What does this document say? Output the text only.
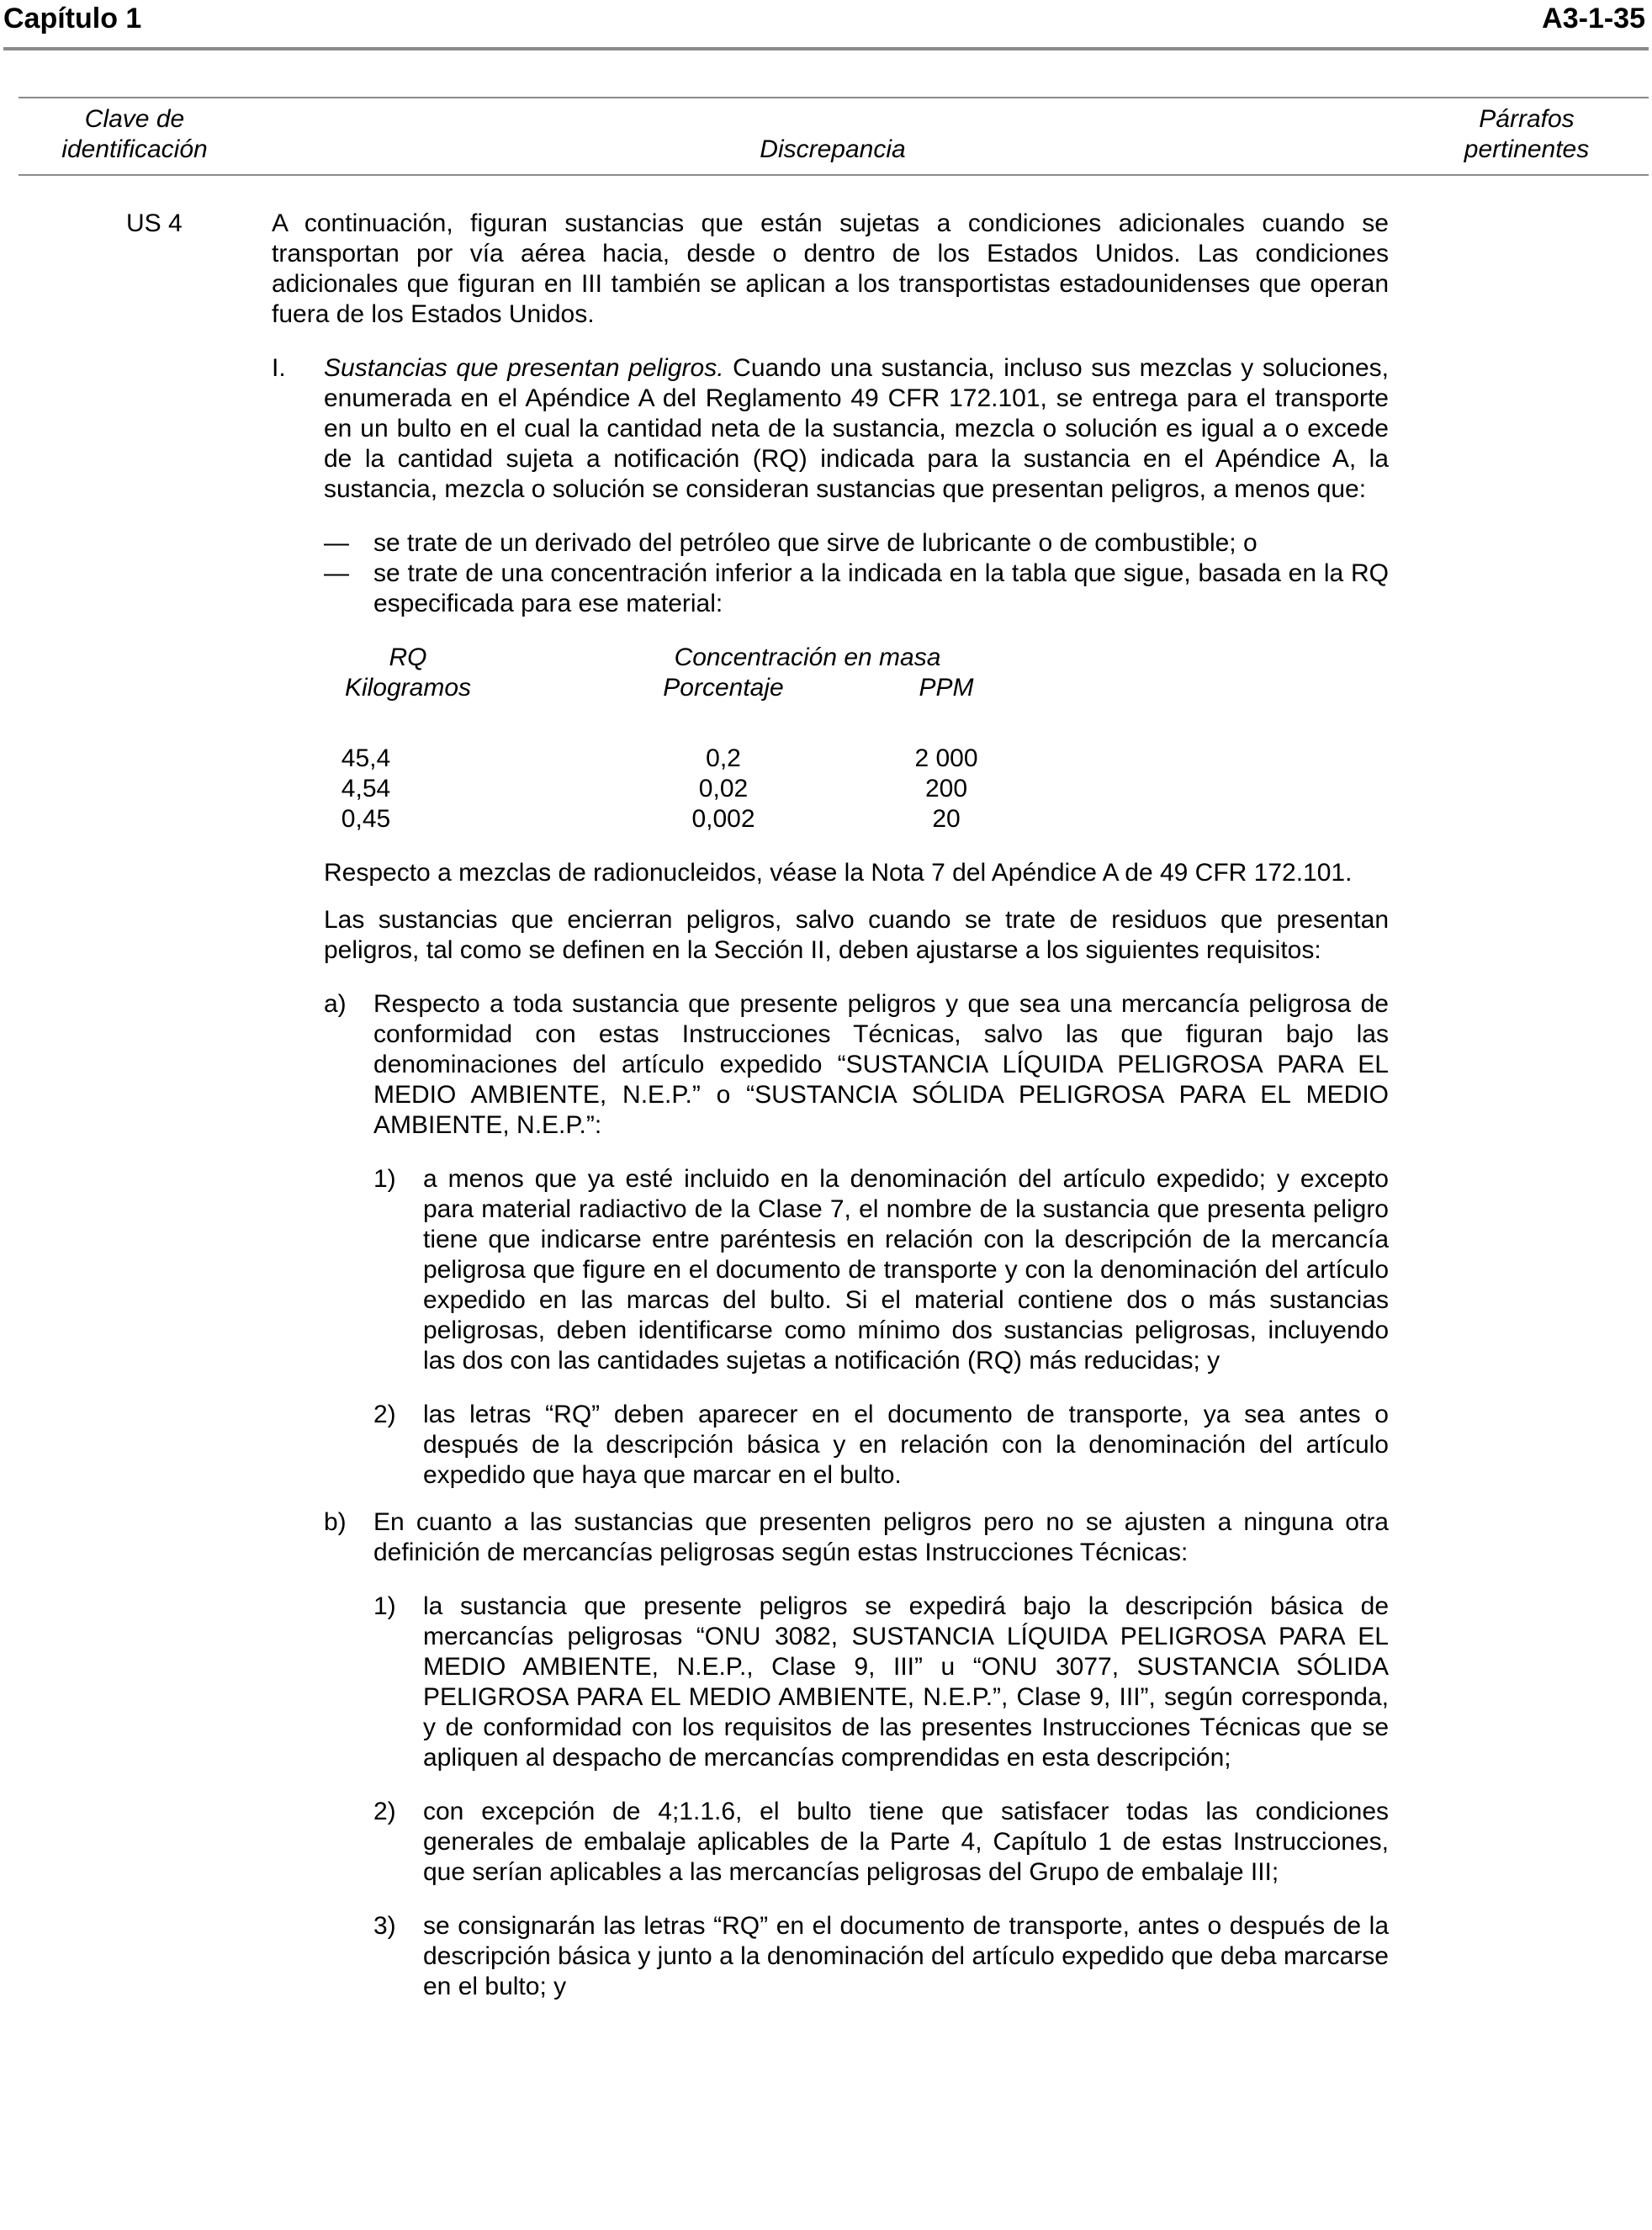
Capítulo 1	A3-1-35
Clave de
identificación	Discrepancia
Párrafos
pertinentes
US 4	A continuación, figuran sustancias que están sujetas a condiciones adicionales cuando se transportan por vía aérea hacia, desde o dentro de los Estados Unidos. Las condiciones adicionales que figuran en III también se aplican a los transportistas estadounidenses que operan fuera de los Estados Unidos.

I.	Sustancias que presentan peligros. Cuando una sustancia, incluso sus mezclas y soluciones, enumerada en el Apéndice A del Reglamento 49 CFR 172.101, se entrega para el transporte en un bulto en el cual la cantidad neta de la sustancia, mezcla o solución es igual a o excede de la cantidad sujeta a notificación (RQ) indicada para la sustancia en el Apéndice A, la sustancia, mezcla o solución se consideran sustancias que presentan peligros, a menos que:
— se trate de un derivado del petróleo que sirve de lubricante o de combustible; o
— se trate de una concentración inferior a la indicada en la tabla que sigue, basada en la RQ especificada para ese material:
RQ	Concentración en masa
Kilogramos	Porcentaje	PPM
45,4	0,2	2 000
4,54	0,02	200
0,45	0,002	20

Respecto a mezclas de radionucleidos, véase la Nota 7 del Apéndice A de 49 CFR 172.101.

Las sustancias que encierran peligros, salvo cuando se trate de residuos que presentan peligros, tal como se definen en la Sección II, deben ajustarse a los siguientes requisitos:

a)	Respecto a toda sustancia que presente peligros y que sea una mercancía peligrosa de conformidad con estas Instrucciones Técnicas, salvo las que figuran bajo las denominaciones del artículo expedido “SUSTANCIA LÍQUIDA PELIGROSA PARA EL MEDIO AMBIENTE, N.E.P.” o “SUSTANCIA SÓLIDA PELIGROSA PARA EL MEDIO AMBIENTE, N.E.P.”:
1)	a menos que ya esté incluido en la denominación del artículo expedido; y excepto para material radiactivo de la Clase 7, el nombre de la sustancia que presenta peligro tiene que indicarse entre paréntesis en relación con la descripción de la mercancía peligrosa que figure en el documento de transporte y con la denominación del artículo expedido en las marcas del bulto. Si el material contiene dos o más sustancias peligrosas, deben identificarse como mínimo dos sustancias peligrosas, incluyendo las dos con las cantidades sujetas a notificación (RQ) más reducidas; y
2)	las letras “RQ” deben aparecer en el documento de transporte, ya sea antes o después de la descripción básica y en relación con la denominación del artículo expedido que haya que marcar en el bulto.
b)	En cuanto a las sustancias que presenten peligros pero no se ajusten a ninguna otra definición de mercancías peligrosas según estas Instrucciones Técnicas:
1)	la sustancia que presente peligros se expedirá bajo la descripción básica de mercancías peligrosas “ONU 3082, SUSTANCIA LÍQUIDA PELIGROSA PARA EL MEDIO AMBIENTE, N.E.P., Clase 9, III” u “ONU 3077, SUSTANCIA SÓLIDA PELIGROSA PARA EL MEDIO AMBIENTE, N.E.P.”, Clase 9, III”, según corresponda, y de conformidad con los requisitos de las presentes Instrucciones Técnicas que se apliquen al despacho de mercancías comprendidas en esta descripción;
2)	con excepción de 4;1.1.6, el bulto tiene que satisfacer todas las condiciones generales de embalaje aplicables de la Parte 4, Capítulo 1 de estas Instrucciones, que serían aplicables a las mercancías peligrosas del Grupo de embalaje III;
3)	se consignarán las letras “RQ” en el documento de transporte, antes o después de la descripción básica y junto a la denominación del artículo expedido que deba marcarse en el bulto; y
